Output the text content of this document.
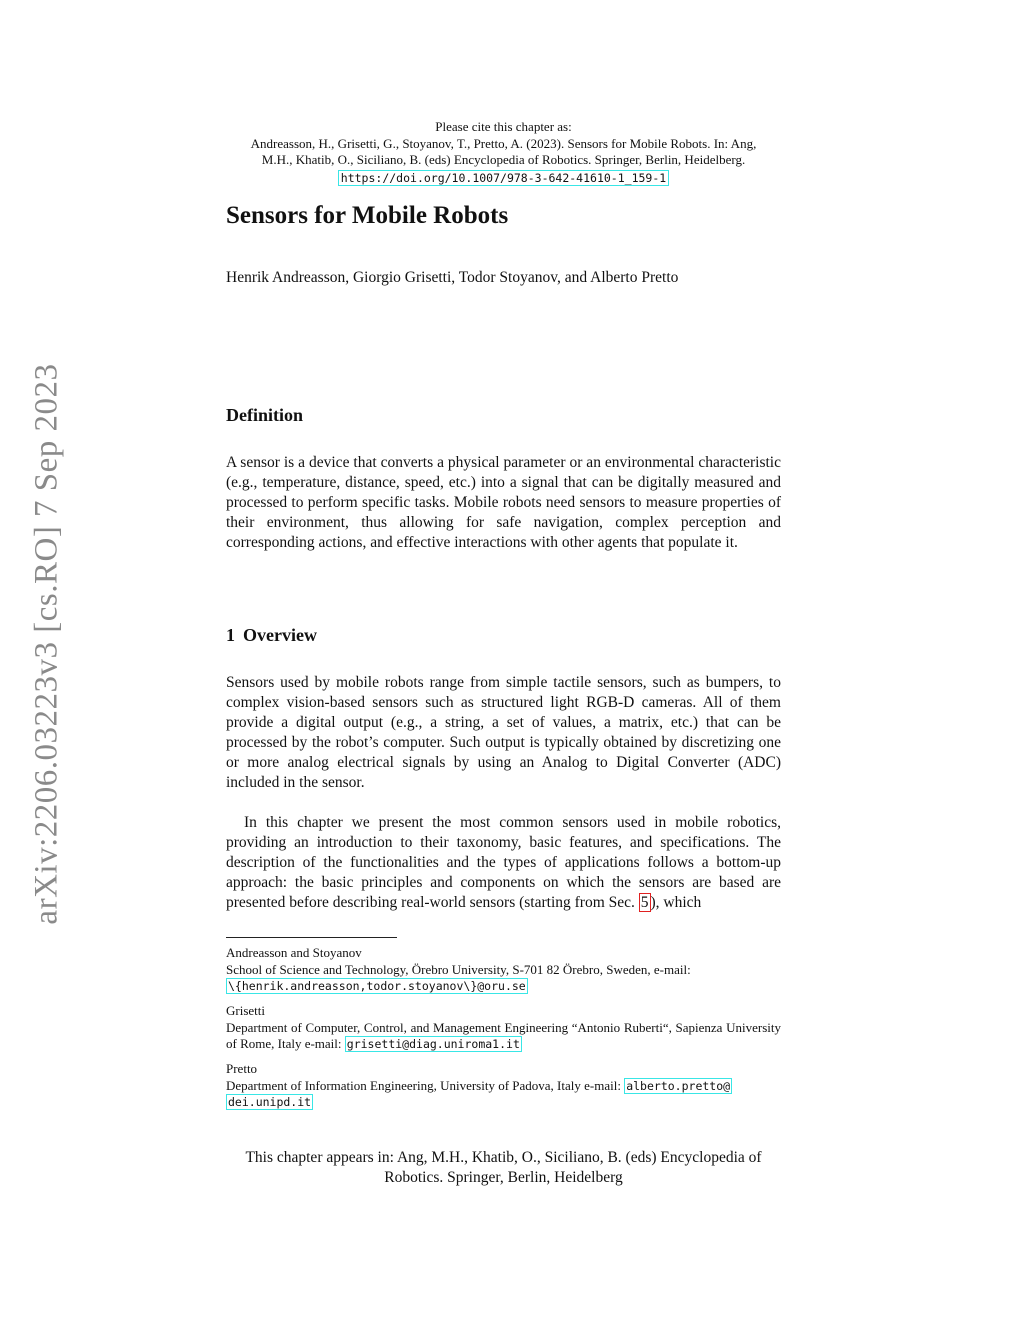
arXiv:2206.03223v3 [cs.RO] 7 Sep 2023
Please cite this chapter as:
Andreasson, H., Grisetti, G., Stoyanov, T., Pretto, A. (2023). Sensors for Mobile Robots. In: Ang,
M.H., Khatib, O., Siciliano, B. (eds) Encyclopedia of Robotics. Springer, Berlin, Heidelberg.
https://doi.org/10.1007/978-3-642-41610-1_159-1
Sensors for Mobile Robots
Henrik Andreasson, Giorgio Grisetti, Todor Stoyanov, and Alberto Pretto
Definition

A sensor is a device that converts a physical parameter or an environmental characteristic (e.g., temperature, distance, speed, etc.) into a signal that can be digitally measured and processed to perform specific tasks. Mobile robots need sensors to measure properties of their environment, thus allowing for safe navigation, complex perception and corresponding actions, and effective interactions with other agents that populate it.

1 Overview

Sensors used by mobile robots range from simple tactile sensors, such as bumpers, to complex vision-based sensors such as structured light RGB-D cameras. All of them provide a digital output (e.g., a string, a set of values, a matrix, etc.) that can be processed by the robot’s computer. Such output is typically obtained by discretizing one or more analog electrical signals by using an Analog to Digital Converter (ADC) included in the sensor.

In this chapter we present the most common sensors used in mobile robotics, providing an introduction to their taxonomy, basic features, and specifications. The description of the functionalities and the types of applications follows a bottom-up approach: the basic principles and components on which the sensors are based are presented before describing real-world sensors (starting from Sec. 5 ), which

Andreasson and Stoyanov
School of Science and Technology, Örebro University, S-701 82 Örebro, Sweden, e-mail:
\{henrik.andreasson,todor.stoyanov\}@oru.se
Grisetti
Department of Computer, Control, and Management Engineering “Antonio Ruberti“, Sapienza University of Rome, Italy e-mail: grisetti@diag.uniroma1.it
Pretto
Department of Information Engineering, University of Padova, Italy e-mail: alberto.pretto@
dei.unipd.it
This chapter appears in: Ang, M.H., Khatib, O., Siciliano, B. (eds) Encyclopedia of
Robotics. Springer, Berlin, Heidelberg
